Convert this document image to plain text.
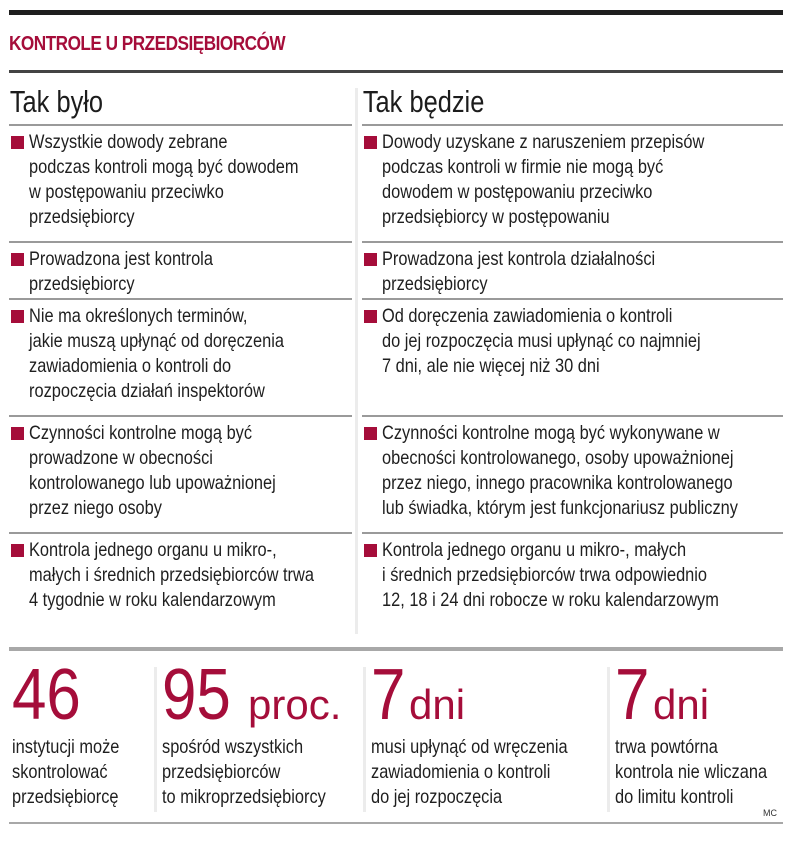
KONTROLE U PRZEDSIĘBIORCÓW
Tak było
Wszystkie dowody zebrane
podczas kontroli mogą być dowodem
w postępowaniu przeciwko
przedsiębiorcy
Prowadzona jest kontrola
przedsiębiorcy
Nie ma określonych terminów,
jakie muszą upłynąć od doręczenia
zawiadomienia o kontroli do
rozpoczęcia działań inspektorów
Czynności kontrolne mogą być
prowadzone w obecności
kontrolowanego lub upoważnionej
przez niego osoby
Kontrola jednego organu u mikro-,
małych i średnich przedsiębiorców trwa
4 tygodnie w roku kalendarzowym
Tak będzie
Dowody uzyskane z naruszeniem przepisów
podczas kontroli w firmie nie mogą być
dowodem w postępowaniu przeciwko
przedsiębiorcy w postępowaniu
Prowadzona jest kontrola działalności
przedsiębiorcy
Od doręczenia zawiadomienia o kontroli
do jej rozpoczęcia musi upłynąć co najmniej
7 dni, ale nie więcej niż 30 dni
Czynności kontrolne mogą być wykonywane w
obecności kontrolowanego, osoby upoważnionej
przez niego, innego pracownika kontrolowanego
lub świadka, którym jest funkcjonariusz publiczny
Kontrola jednego organu u mikro-, małych
i średnich przedsiębiorców trwa odpowiednio
12, 18 i 24 dni robocze w roku kalendarzowym
46
instytucji może
skontrolować
przedsiębiorcę
95 proc.
spośród wszystkich
przedsiębiorców
to mikroprzedsiębiorcy
7 dni
musi upłynąć od wręczenia
zawiadomienia o kontroli
do jej rozpoczęcia
7 dni
trwa powtórna
kontrola nie wliczana
do limitu kontroli
MC
